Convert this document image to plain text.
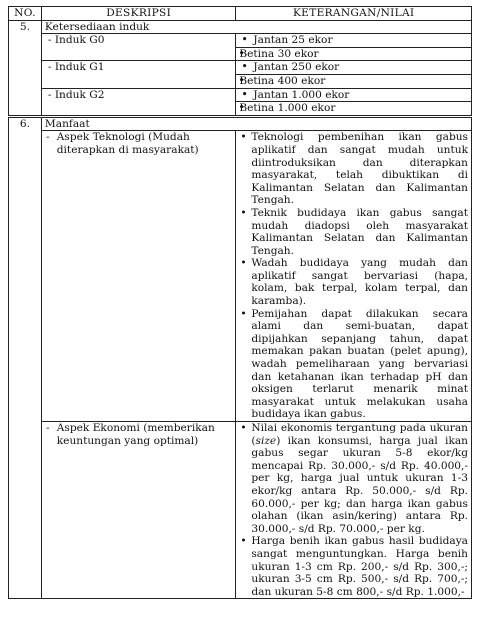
NO.	DESKRIPSI		KETERANGAN/NILAI
5.	Ketersediaan induk		
	- Induk G0		• Jantan 25 ekor
• Betina 30 ekor

	- Induk G1		• Jantan 250 ekor
• Betina 400 ekor

	- Induk G2		• Jantan 1.000 ekor
• Betina 1.000 ekor

6.	Manfaat		
	-	Aspek Teknologi (Mudah diterapkan di masyarakat)	• Teknologi pembenihan ikan gabus aplikatif dan sangat mudah untuk diintroduksikan dan diterapkan masyarakat, telah dibuktikan di Kalimantan Selatan dan Kalimantan Tengah.
• Teknik budidaya ikan gabus sangat mudah diadopsi oleh masyarakat Kalimantan Selatan dan Kalimantan Tengah.
• Wadah budidaya yang mudah dan aplikatif sangat bervariasi (hapa, kolam, bak terpal, kolam terpal, dan karamba).
• Pemijahan dapat dilakukan secara alami dan semi-buatan, dapat dipijahkan sepanjang tahun, dapat memakan pakan buatan (pelet apung), wadah pemeliharaan yang bervariasi dan ketahanan ikan terhadap pH dan oksigen terlarut menarik minat masyarakat untuk melakukan usaha budidaya ikan gabus.

	-	Aspek Ekonomi (memberikan keuntungan yang optimal)	• Nilai ekonomis tergantung pada ukuran (size) ikan konsumsi, harga jual ikan gabus segar ukuran 5-8 ekor/kg mencapai Rp. 30.000,- s/d Rp. 40.000,- per kg, harga jual untuk ukuran 1-3 ekor/kg antara Rp. 50.000,- s/d Rp. 60.000,- per kg; dan harga ikan gabus olahan (ikan asin/kering) antara Rp. 30.000,- s/d Rp. 70.000,- per kg.
• Harga benih ikan gabus hasil budidaya sangat menguntungkan. Harga benih ukuran 1-3 cm Rp. 200,- s/d Rp. 300,-; ukuran 3-5 cm Rp. 500,- s/d Rp. 700,-; dan ukuran 5-8 cm 800,- s/d Rp. 1.000,-
